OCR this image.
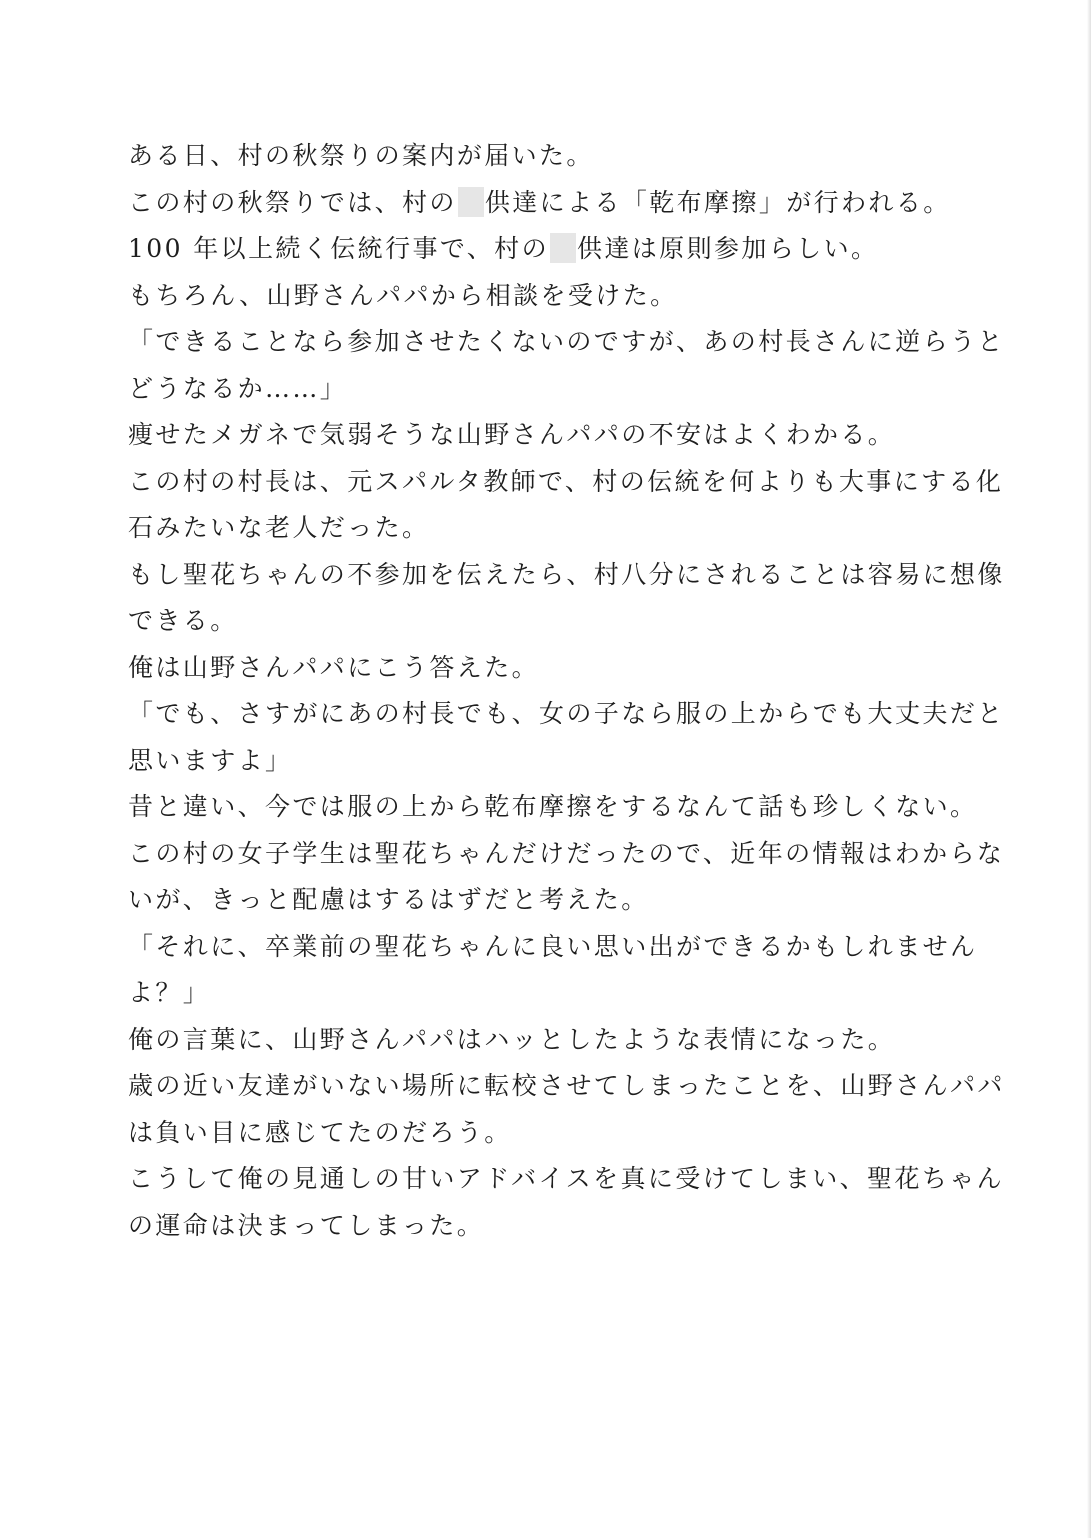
ある日、村の秋祭りの案内が届いた。
この村の秋祭りでは、村の 供達による「乾布摩擦」が行われる。
100 年以上続く伝統行事で、村の 供達は原則参加らしい。
もちろん、山野さんパパから相談を受けた。
「できることなら参加させたくないのですが、あの村長さんに逆らうと
どうなるか……」
痩せたメガネで気弱そうな山野さんパパの不安はよくわかる。
この村の村長は、元スパルタ教師で、村の伝統を何よりも大事にする化
石みたいな老人だった。
もし聖花ちゃんの不参加を伝えたら、村八分にされることは容易に想像
できる。
俺は山野さんパパにこう答えた。
「でも、さすがにあの村長でも、女の子なら服の上からでも大丈夫だと
思いますよ」
昔と違い、今では服の上から乾布摩擦をするなんて話も珍しくない。
この村の女子学生は聖花ちゃんだけだったので、近年の情報はわからな
いが、きっと配慮はするはずだと考えた。
「それに、卒業前の聖花ちゃんに良い思い出ができるかもしれません
よ？」
俺の言葉に、山野さんパパはハッとしたような表情になった。
歳の近い友達がいない場所に転校させてしまったことを、山野さんパパ
は負い目に感じてたのだろう。
こうして俺の見通しの甘いアドバイスを真に受けてしまい、聖花ちゃん
の運命は決まってしまった。
